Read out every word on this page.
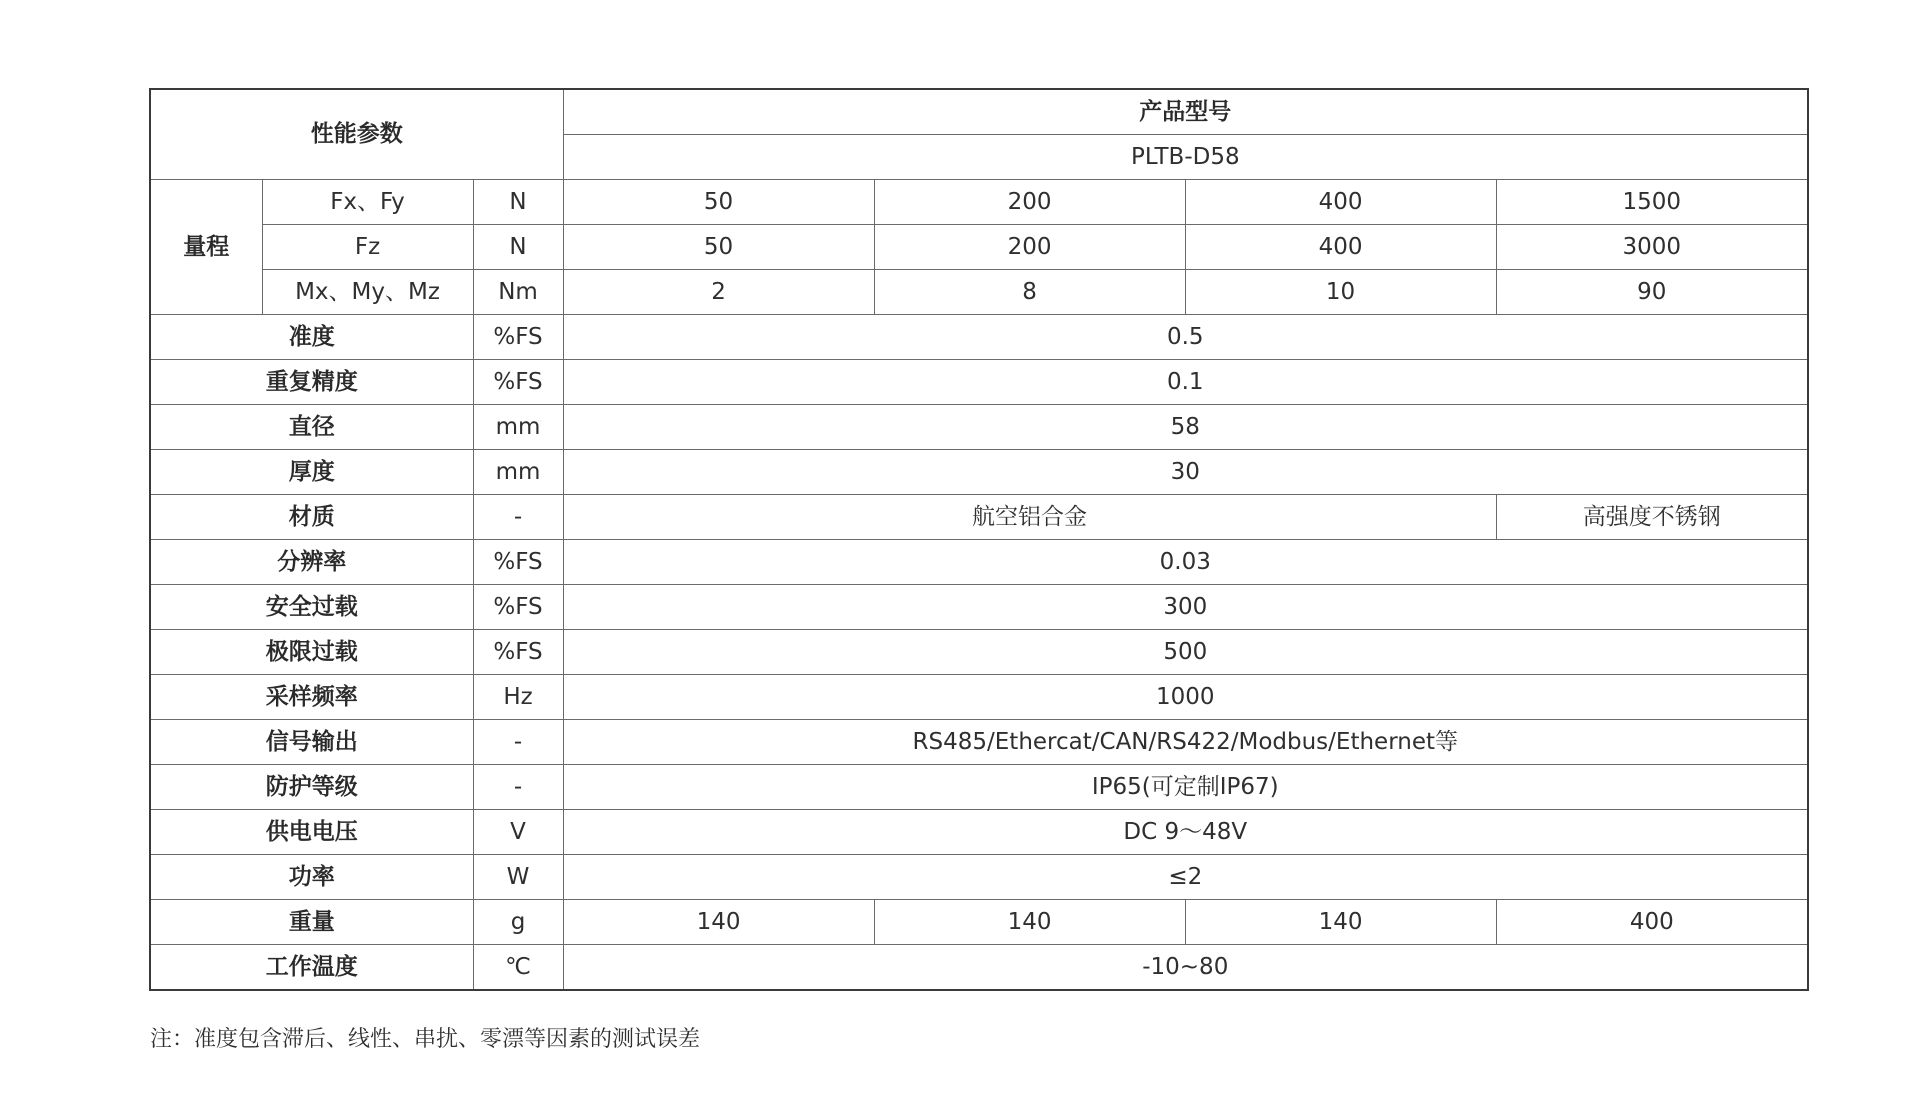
性能参数			产品型号			
			PLTB-D58			
量程	Fx、Fy	N	50	200	400	1500
	Fz	N	50	200	400	3000
	Mx、My、Mz	Nm	2	8	10	90
准度		%FS	0.5			
重复精度		%FS	0.1			
直径		mm	58			
厚度		mm	30			
材质		-	航空铝合金			高强度不锈钢
分辨率		%FS	0.03			
安全过载		%FS	300			
极限过载		%FS	500			
采样频率		Hz	1000			
信号输出		-	RS485/Ethercat/CAN/RS422/Modbus/Ethernet等			
防护等级		-	IP65(可定制IP67)			
供电电压		V	DC 9～48V			
功率		W	≤2			
重量		g	140	140	140	400
工作温度		℃	-10~80			
注：准度包含滞后、线性、串扰、零漂等因素的测试误差
